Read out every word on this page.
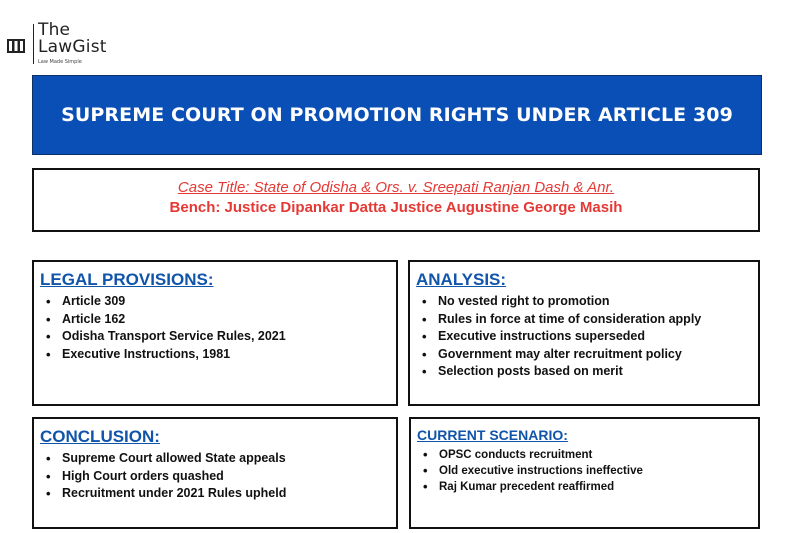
The
LawGist
Law Made Simple
SUPREME COURT ON PROMOTION RIGHTS UNDER ARTICLE 309
Case Title: State of Odisha & Ors. v. Sreepati Ranjan Dash & Anr.
Bench: Justice Dipankar Datta Justice Augustine George Masih
LEGAL PROVISIONS:
• Article 309
• Article 162
• Odisha Transport Service Rules, 2021
• Executive Instructions, 1981
ANALYSIS:
• No vested right to promotion
• Rules in force at time of consideration apply
• Executive instructions superseded
• Government may alter recruitment policy
• Selection posts based on merit
CONCLUSION:
• Supreme Court allowed State appeals
• High Court orders quashed
• Recruitment under 2021 Rules upheld
CURRENT SCENARIO:
• OPSC conducts recruitment
• Old executive instructions ineffective
• Raj Kumar precedent reaffirmed
